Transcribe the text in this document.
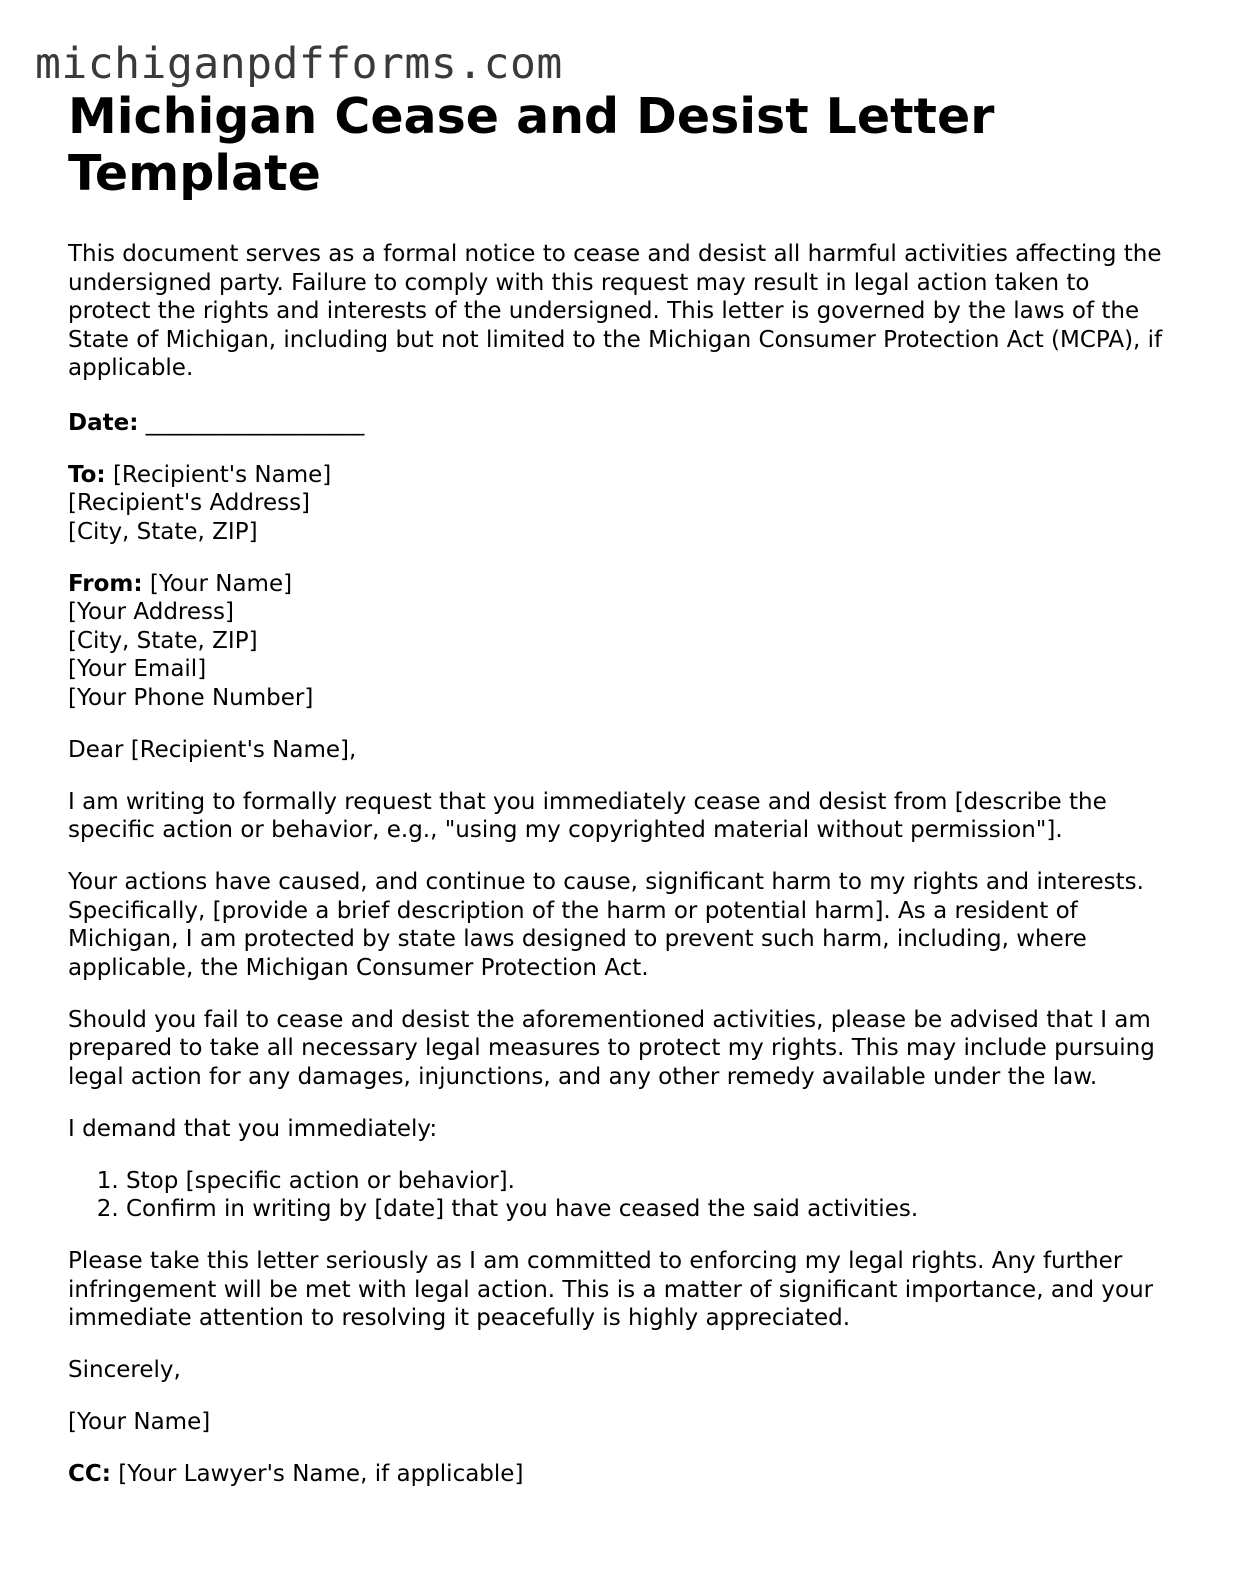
michiganpdfforms.com
Michigan Cease and Desist Letter
Template

This document serves as a formal notice to cease and desist all harmful activities affecting the undersigned party. Failure to comply with this request may result in legal action taken to protect the rights and interests of the undersigned. This letter is governed by the laws of the State of Michigan, including but not limited to the Michigan Consumer Protection Act (MCPA), if applicable.

Date: ___________________

To: [Recipient's Name]
[Recipient's Address]
[City, State, ZIP]

From: [Your Name]
[Your Address]
[City, State, ZIP]
[Your Email]
[Your Phone Number]

Dear [Recipient's Name],

I am writing to formally request that you immediately cease and desist from [describe the specific action or behavior, e.g., "using my copyrighted material without permission"].

Your actions have caused, and continue to cause, significant harm to my rights and interests. Specifically, [provide a brief description of the harm or potential harm]. As a resident of Michigan, I am protected by state laws designed to prevent such harm, including, where applicable, the Michigan Consumer Protection Act.

Should you fail to cease and desist the aforementioned activities, please be advised that I am prepared to take all necessary legal measures to protect my rights. This may include pursuing legal action for any damages, injunctions, and any other remedy available under the law.

I demand that you immediately:

1. Stop [specific action or behavior].
2. Confirm in writing by [date] that you have ceased the said activities.

Please take this letter seriously as I am committed to enforcing my legal rights. Any further infringement will be met with legal action. This is a matter of significant importance, and your immediate attention to resolving it peacefully is highly appreciated.

Sincerely,

[Your Name]

CC: [Your Lawyer's Name, if applicable]
